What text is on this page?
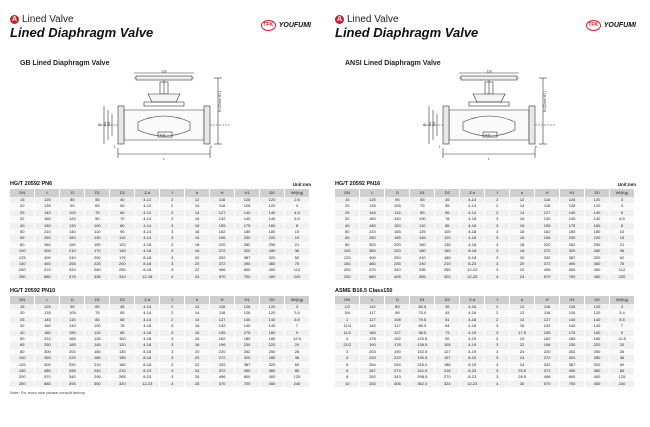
A Lined Valve
Lined Diaphragm Valve	TFK YOUFUMI
GB Lined Diaphragm Valve
DS
H (Close H1 )
D D1 D2
n-d
L
f	b
HG/T 20592 PN6	Unit:mm
DN	L	D	D1	D2	Z-d	f	b	H	H1	D0	Wt(Kg)
15	125	80	55	40	4-12	2	12	116	126	120	2.6
20	135	90	65	50	4-12	2	14	116	126	120	3
25	145	100	75	60	4-12	2	14	127	140	140	4.5
32	160	120	90	70	4-14	3	16	132	140	140	6.5
40	180	130	100	80	4-14	3	16	155	175	160	8
50	210	140	110	90	4-14	3	16	162	180	180	10
65	250	160	130	110	4-14	3	16	196	230	220	19
80	260	190	150	125	4-18	3	18	220	262	250	21
100	300	210	170	145	4-18	3	18	272	320	280	36
125	400	240	200	175	8-18	3	20	332	387	320	52
150	460	265	225	200	8-18	3	20	372	490	360	75
200	570	320	280	255	8-18	3	22	496	600	400	112
250	680	375	335	310	12-18	4	24	570	700	400	220
HG/T 20592 PN10
DN	L	D	D1	D2	Z-d	f	b	H	H1	D0	Wt(Kg)
15	125	95	65	45	4-14	2	14	116	126	120	3
20	135	105	75	55	4-14	2	14	116	126	120	3.4
25	145	115	85	65	4-14	2	14	127	140	140	5.5
32	160	140	100	78	4-18	3	16	132	140	140	7
40	180	150	110	85	4-18	3	16	155	175	160	9
50	210	165	125	100	4-18	3	16	162	180	180	12.5
65	250	185	145	120	4-18	3	18	196	230	220	20
80	300	200	160	135	8-18	3	20	220	262	250	26
100	350	220	180	155	8-18	3	20	272	320	280	36
125	400	250	210	185	8-18	3	22	332	387	320	60
150	480	285	240	210	8-23	3	24	372	490	360	80
200	570	340	295	265	8-23	3	26	496	600	400	125
250	680	395	350	320	12-23	4	28	570	700	450	240
Note: For more size please consult factory.
A Lined Valve
Lined Diaphragm Valve	TFK YOUFUMI
ANSI Lined Diaphragm Valve
DS
H (Close H1 )
D D1 D2
n-d
L
f	b
HG/T 20592 PN16	Unit:mm
DN	L	D	D1	D2	Z-d	f	b	H	H1	D0	Wt(Kg)
15	125	95	65	45	4-14	2	12	116	126	120	3
20	135	105	75	55	4-14	2	14	116	126	120	3
25	145	115	85	65	4-14	2	14	127	140	140	5
32	160	140	100	78	4-18	3	16	132	140	140	6.5
40	180	150	110	85	4-18	3	16	155	175	160	8
50	210	165	125	100	4-18	3	16	162	180	180	10
65	250	185	145	120	4-18	3	16	196	230	220	19
80	300	200	160	135	4-18	3	18	220	262	250	21
100	350	220	180	155	8-18	3	18	272	320	280	36
125	400	250	210	185	8-18	3	20	332	387	320	52
150	480	285	240	210	8-23	3	20	372	490	360	75
200	570	340	295	265	12-23	3	22	496	600	400	112
250	680	405	355	320	12-25	4	24	570	700	450	220
ASME B16.5 Class150
DN	L	D	D1	D2	Z-d	f	b	H	H1	D0	Wt(Kg)
1/2	110	89	60.5	35	4-16	2	12	116	126	120	3
3/4	117	98	70.0	43	4-16	2	12	116	126	120	3.4
1	127	108	79.5	51	4-16	2	14	127	140	140	5.5
11/4	140	117	89.0	64	4-16	3	16	132	140	140	7
11/2	165	127	98.5	73	4-19	3	17.5	155	175	160	9
2	178	152	120.5	92	4-19	3	19	162	180	180	12.5
21/2	190	178	139.5	105	4-19	3	22	196	230	220	20
3	203	190	152.5	127	4-19	3	24	220	262	250	26
4	229	229	190.5	157	8-19	3	24	272	320	280	36
5	254	254	216.0	186	8-19	3	24	332	387	320	60
6	267	279	241.5	216	8-23	3	25.5	372	490	360	80
8	292	343	298.5	270	8-23	3	28.5	496	600	400	125
10	330	406	362.0	324	12-23	4	30	570	700	450	240
